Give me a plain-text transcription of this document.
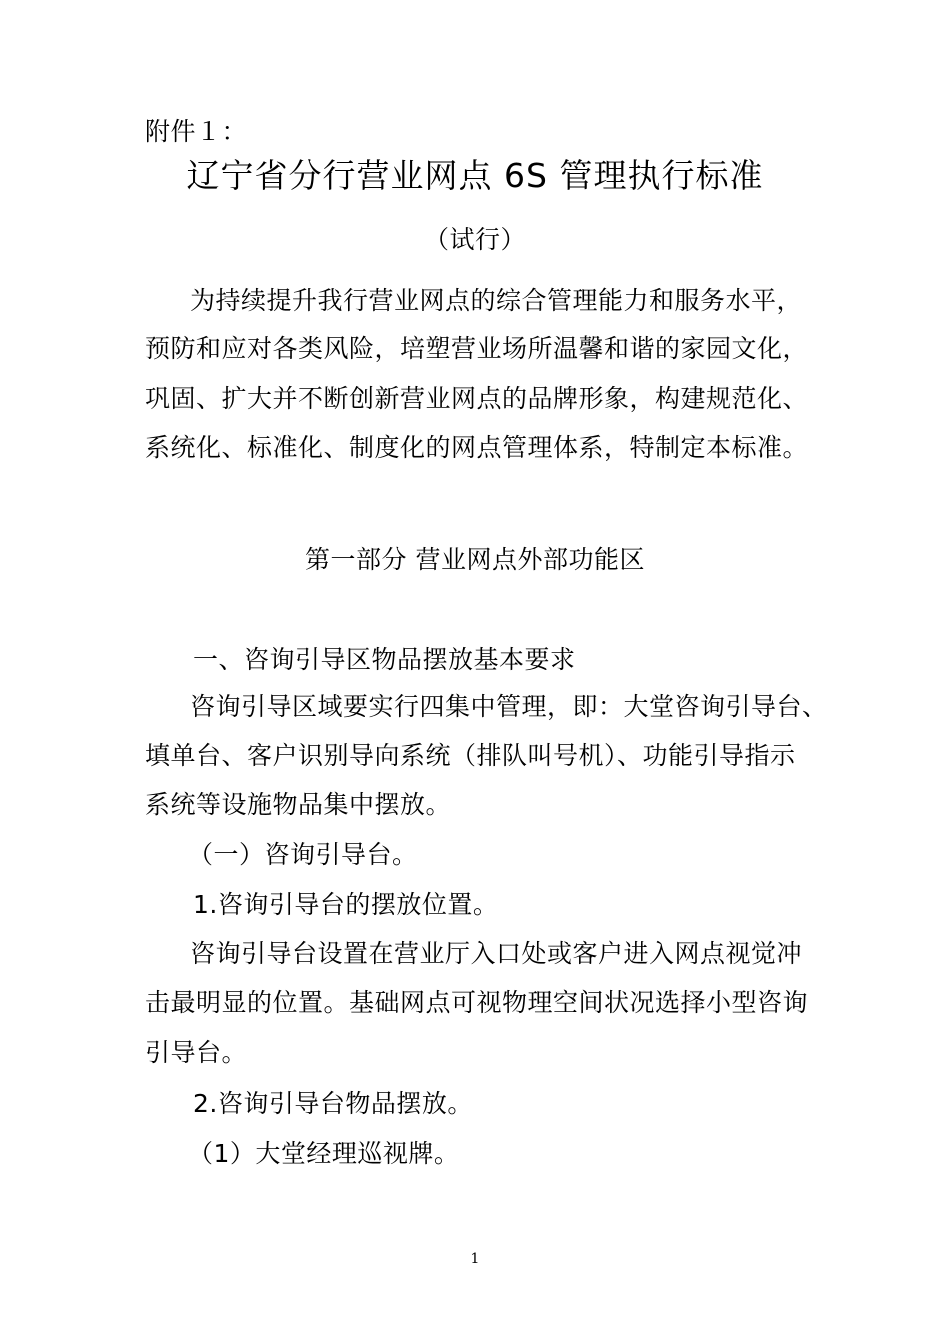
附件１：
辽宁省分行营业网点 6S 管理执行标准
（试行）
为持续提升我行营业网点的综合管理能力和服务水平，
预防和应对各类风险，培塑营业场所温馨和谐的家园文化，
巩固、扩大并不断创新营业网点的品牌形象，构建规范化、
系统化、标准化、制度化的网点管理体系，特制定本标准。
第一部分 营业网点外部功能区
一、咨询引导区物品摆放基本要求
咨询引导区域要实行四集中管理，即：大堂咨询引导台、
填单台、客户识别导向系统（排队叫号机）、功能引导指示
系统等设施物品集中摆放。
（一）咨询引导台。
1.咨询引导台的摆放位置。
咨询引导台设置在营业厅入口处或客户进入网点视觉冲
击最明显的位置。基础网点可视物理空间状况选择小型咨询
引导台。
2.咨询引导台物品摆放。
（1）大堂经理巡视牌。
1
